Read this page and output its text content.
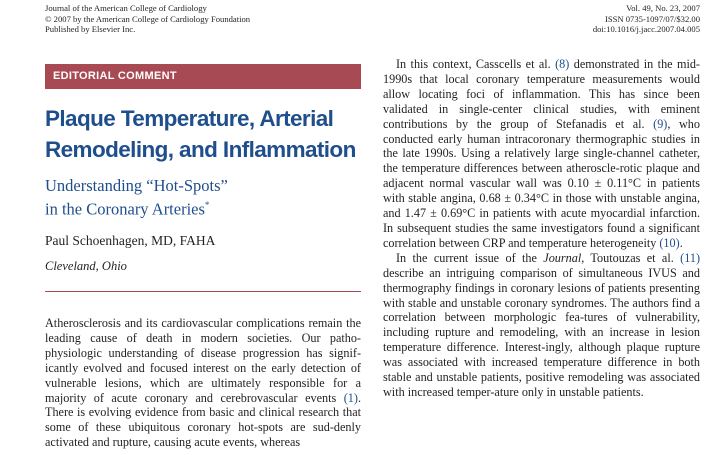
Journal of the American College of Cardiology
© 2007 by the American College of Cardiology Foundation
Published by Elsevier Inc.
Vol. 49, No. 23, 2007
ISSN 0735-1097/07/$32.00
doi:10.1016/j.jacc.2007.04.005
EDITORIAL COMMENT
Plaque Temperature, Arterial Remodeling, and Inflammation
Understanding “Hot-Spots”
in the Coronary Arteries*
Paul Schoenhagen, MD, FAHA
Cleveland, Ohio

Atherosclerosis and its cardiovascular complications remain the leading cause of death in modern societies. Our patho-physiologic understanding of disease progression has signif-icantly evolved and focused interest on the early detection of vulnerable lesions, which are ultimately responsible for a majority of acute coronary and cerebrovascular events (1). There is evolving evidence from basic and clinical research that some of these ubiquitous coronary hot-spots are sud-denly activated and rupture, causing acute events, whereas

In this context, Casscells et al. (8) demonstrated in the mid-1990s that local coronary temperature measurements would allow locating foci of inflammation. This has since been validated in single-center clinical studies, with eminent contributions by the group of Stefanadis et al. (9), who conducted early human intracoronary thermographic studies in the late 1990s. Using a relatively large single-channel catheter, the temperature differences between atheroscle-rotic plaque and adjacent normal vascular wall was 0.10 ± 0.11°C in patients with stable angina, 0.68 ± 0.34°C in those with unstable angina, and 1.47 ± 0.69°C in patients with acute myocardial infarction. In subsequent studies the same investigators found a significant correlation between CRP and temperature heterogeneity (10).

In the current issue of the Journal, Toutouzas et al. (11) describe an intriguing comparison of simultaneous IVUS and thermography findings in coronary lesions of patients presenting with stable and unstable coronary syndromes. The authors find a correlation between morphologic fea-tures of vulnerability, including rupture and remodeling, with an increase in lesion temperature difference. Interest-ingly, although plaque rupture was associated with increased temperature difference in both stable and unstable patients, positive remodeling was associated with increased temper-ature only in unstable patients.
